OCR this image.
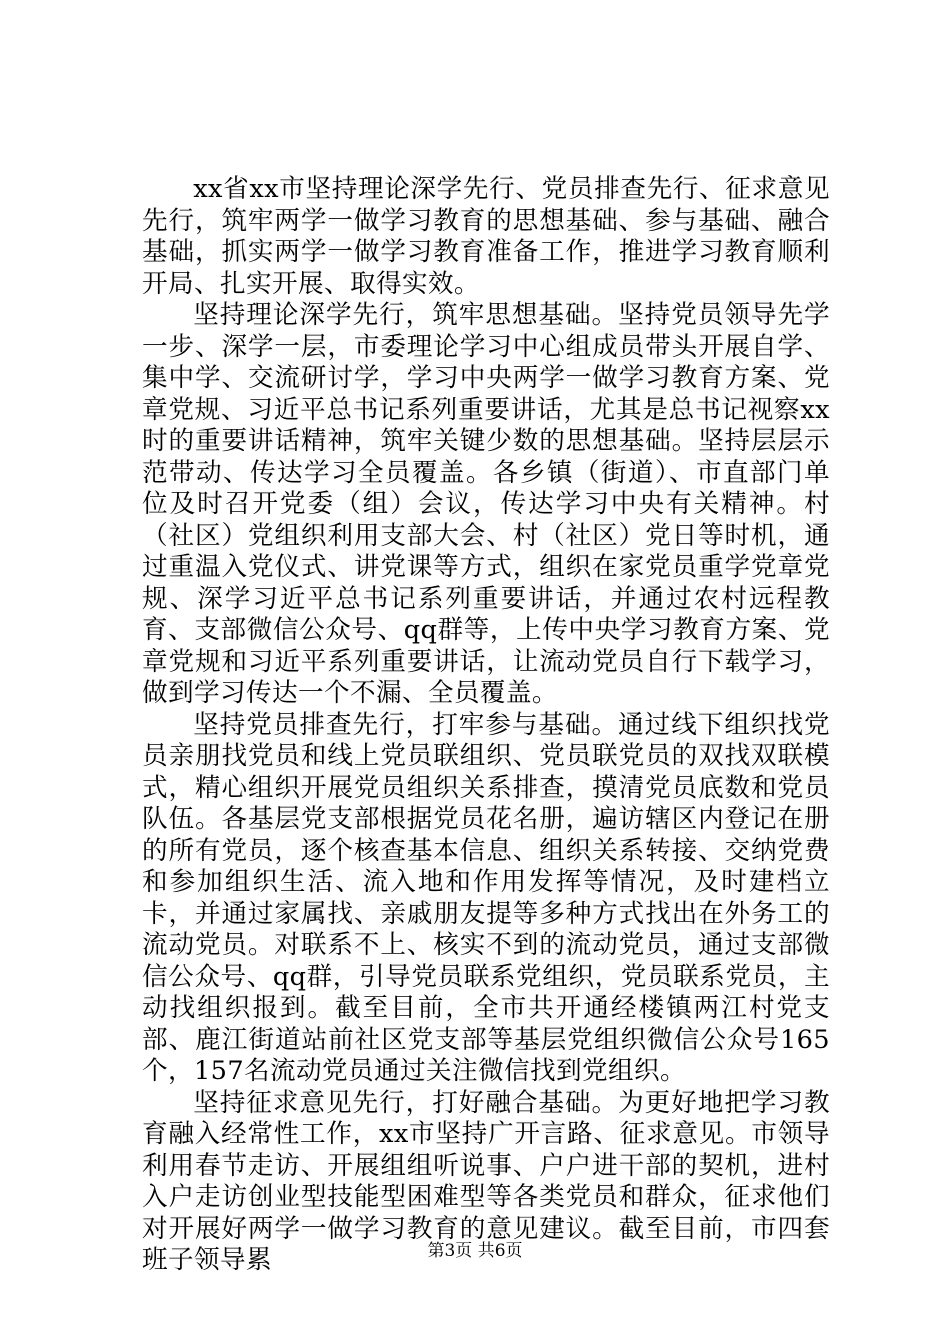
xx省xx市坚持理论深学先行、党员排查先行、征求意见先行，筑牢两学一做学习教育的思想基础、参与基础、融合基础，抓实两学一做学习教育准备工作，推进学习教育顺利开局、扎实开展、取得实效。

坚持理论深学先行，筑牢思想基础。坚持党员领导先学一步、深学一层，市委理论学习中心组成员带头开展自学、集中学、交流研讨学，学习中央两学一做学习教育方案、党章党规、习近平总书记系列重要讲话，尤其是总书记视察xx时的重要讲话精神，筑牢关键少数的思想基础。坚持层层示范带动、传达学习全员覆盖。各乡镇（街道）、市直部门单位及时召开党委（组）会议，传达学习中央有关精神。村（社区）党组织利用支部大会、村（社区）党日等时机，通过重温入党仪式、讲党课等方式，组织在家党员重学党章党规、深学习近平总书记系列重要讲话，并通过农村远程教育、支部微信公众号、qq群等，上传中央学习教育方案、党章党规和习近平系列重要讲话，让流动党员自行下载学习，做到学习传达一个不漏、全员覆盖。

坚持党员排查先行，打牢参与基础。通过线下组织找党员亲朋找党员和线上党员联组织、党员联党员的双找双联模式，精心组织开展党员组织关系排查，摸清党员底数和党员队伍。各基层党支部根据党员花名册，遍访辖区内登记在册的所有党员，逐个核查基本信息、组织关系转接、交纳党费和参加组织生活、流入地和作用发挥等情况，及时建档立卡，并通过家属找、亲戚朋友提等多种方式找出在外务工的流动党员。对联系不上、核实不到的流动党员，通过支部微信公众号、qq群，引导党员联系党组织，党员联系党员，主动找组织报到。截至目前，全市共开通经楼镇两江村党支部、鹿江街道站前社区党支部等基层党组织微信公众号165个，157名流动党员通过关注微信找到党组织。

坚持征求意见先行，打好融合基础。为更好地把学习教育融入经常性工作，xx市坚持广开言路、征求意见。市领导利用春节走访、开展组组听说事、户户进干部的契机，进村入户走访创业型技能型困难型等各类党员和群众，征求他们对开展好两学一做学习教育的意见建议。截至目前，市四套班子领导累	第3页 共6页
